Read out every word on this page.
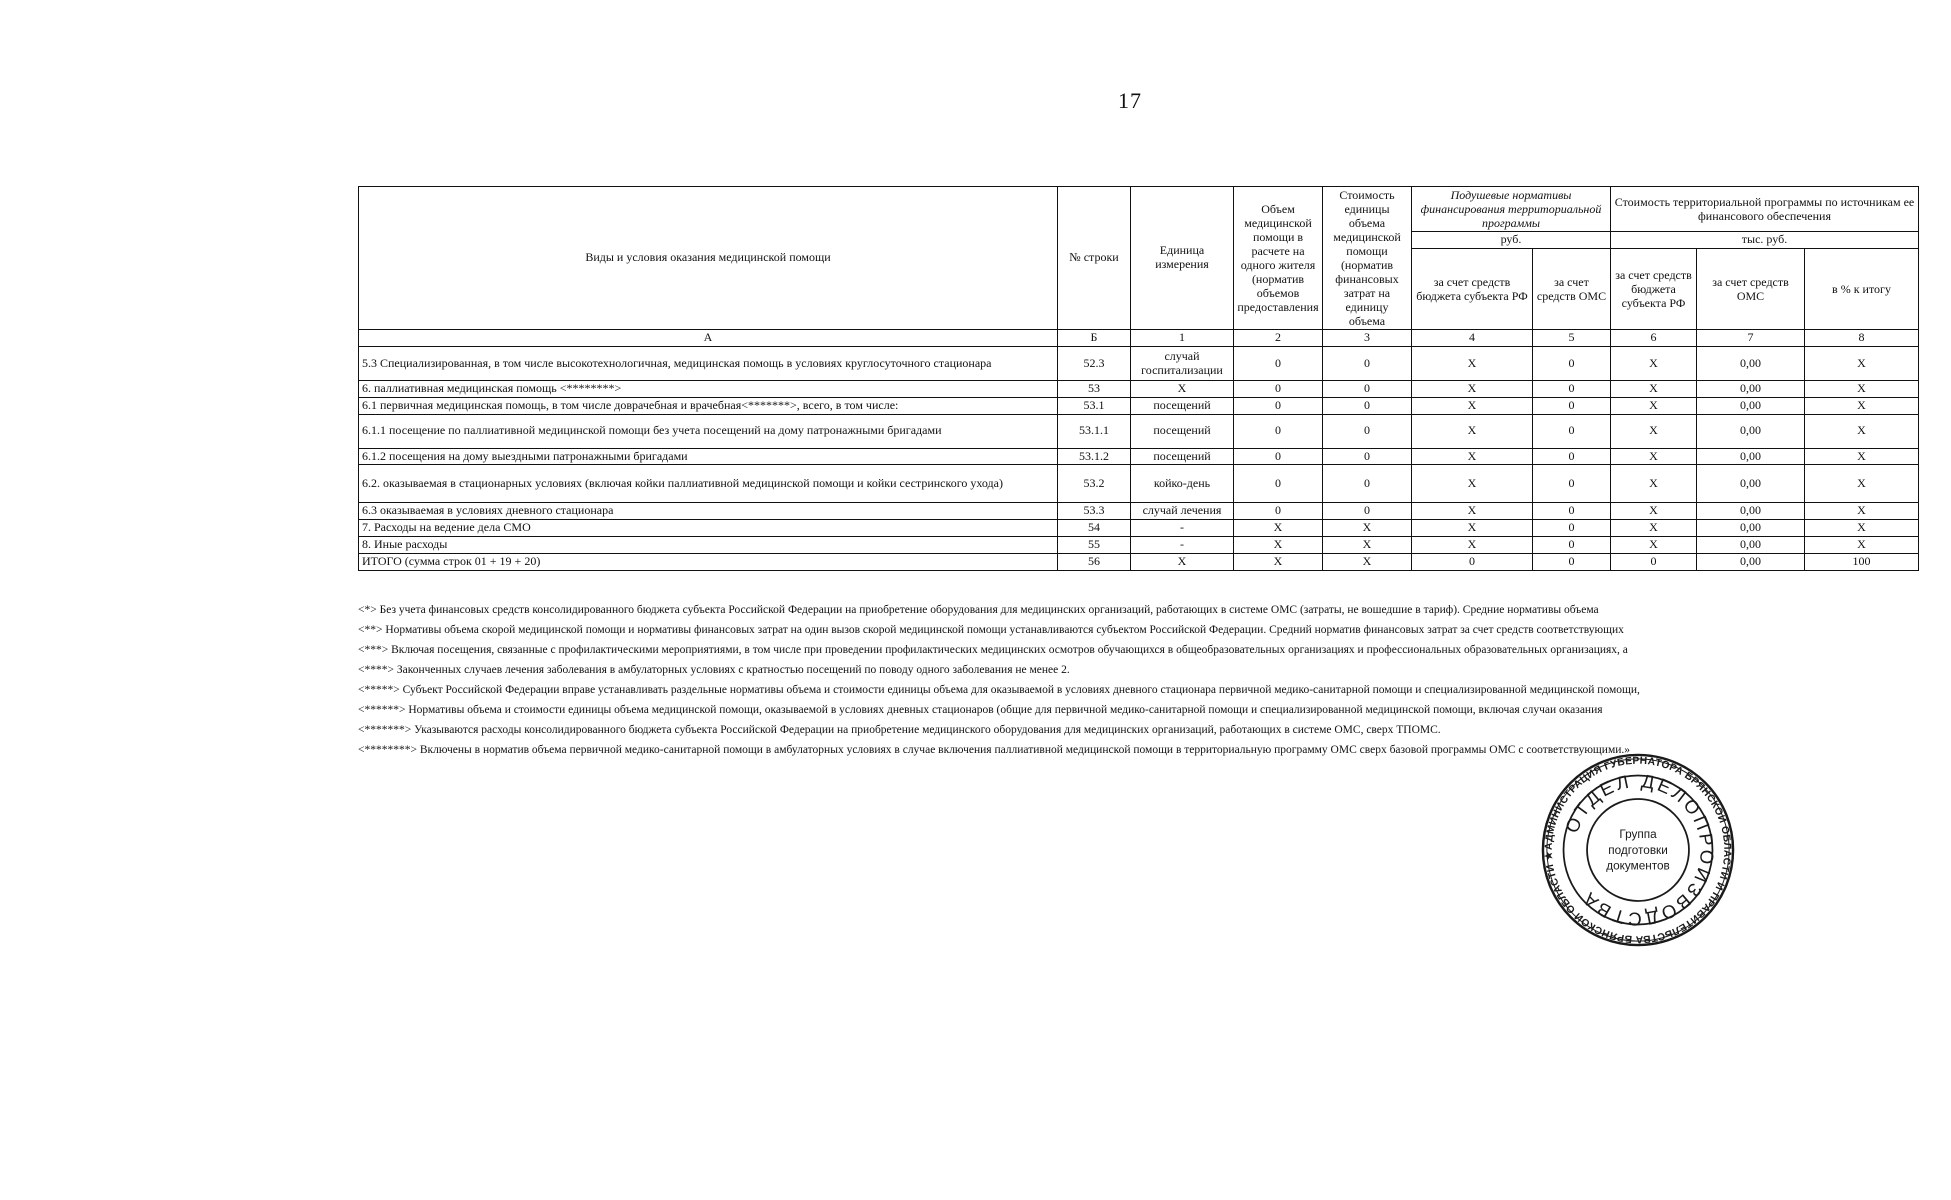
17
Виды и условия оказания медицинской помощи	№ строки	Единица измерения	Объем медицинской помощи в расчете на одного жителя (норматив объемов предоставления	Стоимость единицы объема медицинской помощи (норматив финансовых затрат на единицу объема	Подушевые нормативы финансирования территориальной программы		Стоимость территориальной программы по источникам ее финансового обеспечения		

					руб.		тыс. руб.		
					за счет средств бюджета субъекта РФ	за счет средств ОМС	за счет средств бюджета субъекта РФ	за счет средств ОМС	в % к итогу

А	Б	1	2	3	4	5	6	7	8
5.3 Специализированная, в том числе высокотехнологичная, медицинская помощь в условиях круглосуточного стационара	52.3	случай госпитализации	0	0	X	0	X	0,00	X
6. паллиативная медицинская помощь <********>	53	X	0	0	X	0	X	0,00	X
6.1 первичная медицинская помощь, в том числе доврачебная и врачебная<*******>, всего, в том числе:	53.1	посещений	0	0	X	0	X	0,00	X
6.1.1 посещение по паллиативной медицинской помощи без учета посещений на дому патронажными бригадами	53.1.1	посещений	0	0	X	0	X	0,00	X
6.1.2 посещения на дому выездными патронажными бригадами	53.1.2	посещений	0	0	X	0	X	0,00	X
6.2. оказываемая в стационарных условиях (включая койки паллиативной медицинской помощи и койки сестринского ухода)	53.2	койко-день	0	0	X	0	X	0,00	X
6.3 оказываемая в условиях дневного стационара	53.3	случай лечения	0	0	X	0	X	0,00	X
7. Расходы на ведение дела СМО	54	-	X	X	X	0	X	0,00	X
8. Иные расходы	55	-	X	X	X	0	X	0,00	X
ИТОГО (сумма строк 01 + 19 + 20)	56	X	X	X	0	0	0	0,00	100
<*> Без учета финансовых средств консолидированного бюджета субъекта Российской Федерации на приобретение оборудования для медицинских организаций, работающих в системе ОМС (затраты, не вошедшие в тариф). Средние нормативы объема
<**> Нормативы объема скорой медицинской помощи и нормативы финансовых затрат на один вызов скорой медицинской помощи устанавливаются субъектом Российской Федерации. Средний норматив финансовых затрат за счет средств соответствующих
<***> Включая посещения, связанные с профилактическими мероприятиями, в том числе при проведении профилактических медицинских осмотров обучающихся в общеобразовательных организациях и профессиональных образовательных организациях, а
<****> Законченных случаев лечения заболевания в амбулаторных условиях с кратностью посещений по поводу одного заболевания не менее 2.
<*****> Субъект Российской Федерации вправе устанавливать раздельные нормативы объема и стоимости единицы объема для оказываемой в условиях дневного стационара первичной медико-санитарной помощи и специализированной медицинской помощи,
<******> Нормативы объема и стоимости единицы объема медицинской помощи, оказываемой в условиях дневных стационаров (общие для первичной медико-санитарной помощи и специализированной медицинской помощи, включая случаи оказания
<*******> Указываются расходы консолидированного бюджета субъекта Российской Федерации на приобретение медицинского оборудования для медицинских организаций, работающих в системе ОМС, сверх ТПОМС.
<********> Включены в норматив объема первичной медико-санитарной помощи в амбулаторных условиях в случае включения паллиативной медицинской помощи в территориальную программу ОМС сверх базовой программы ОМС с соответствующими.»
АДМИНИСТРАЦИЯ ГУБЕРНАТОРА БРЯНСКОЙ ОБЛАСТИ И ПРАВИТЕЛЬСТВА БРЯНСКОЙ ОБЛАСТИ ★
ОТДЕЛ ДЕЛОПРОИЗВОДСТВА
Группа
подготовки
документов
